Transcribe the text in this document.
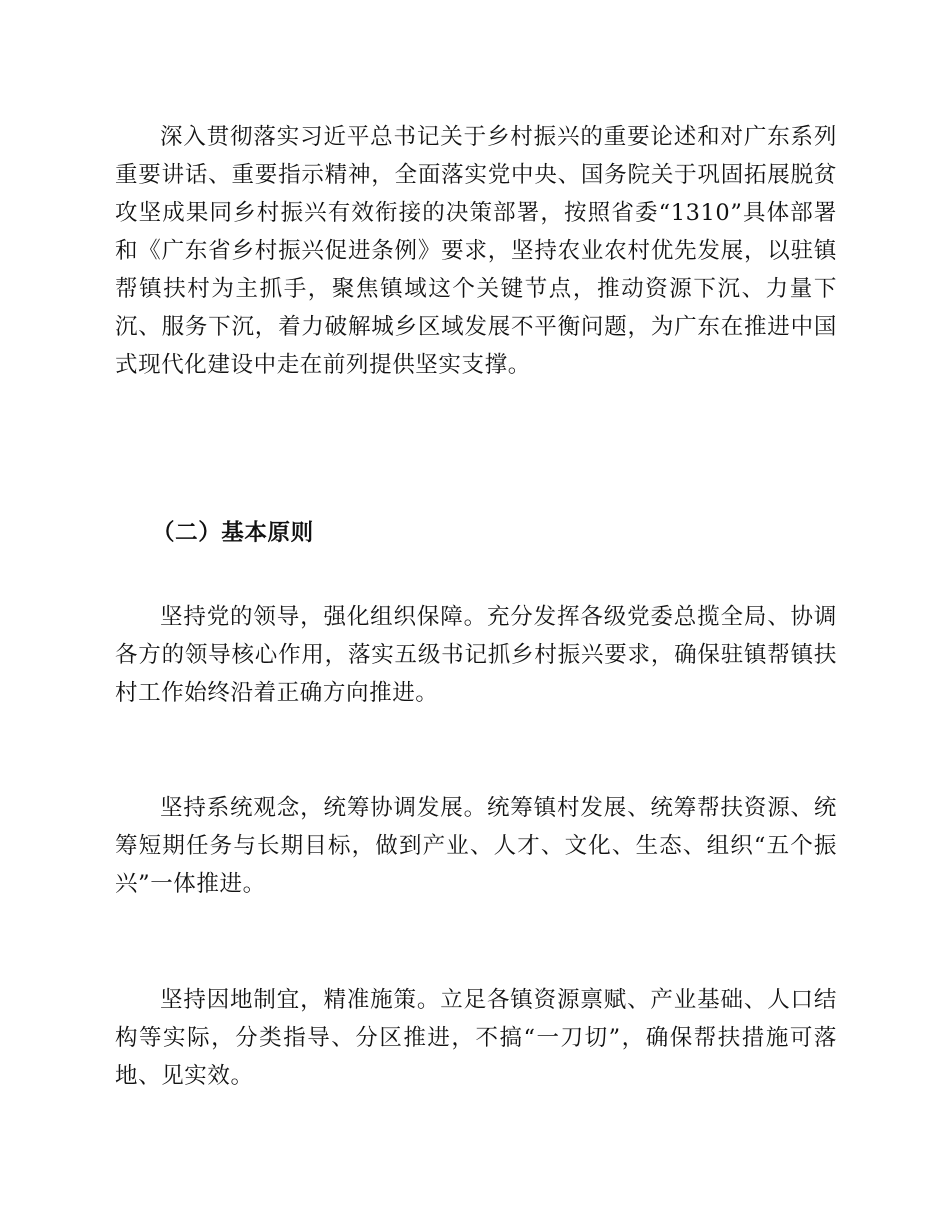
深入贯彻落实习近平总书记关于乡村振兴的重要论述和对广东系列重要讲话、重要指示精神，全面落实党中央、国务院关于巩固拓展脱贫攻坚成果同乡村振兴有效衔接的决策部署，按照省委“1310”具体部署和《广东省乡村振兴促进条例》要求，坚持农业农村优先发展，以驻镇帮镇扶村为主抓手，聚焦镇域这个关键节点，推动资源下沉、力量下沉、服务下沉，着力破解城乡区域发展不平衡问题，为广东在推进中国式现代化建设中走在前列提供坚实支撑。

（二）基本原则

坚持党的领导，强化组织保障。充分发挥各级党委总揽全局、协调各方的领导核心作用，落实五级书记抓乡村振兴要求，确保驻镇帮镇扶村工作始终沿着正确方向推进。

坚持系统观念，统筹协调发展。统筹镇村发展、统筹帮扶资源、统筹短期任务与长期目标，做到产业、人才、文化、生态、组织“五个振兴”一体推进。

坚持因地制宜，精准施策。立足各镇资源禀赋、产业基础、人口结构等实际，分类指导、分区推进，不搞“一刀切”，确保帮扶措施可落地、见实效。
